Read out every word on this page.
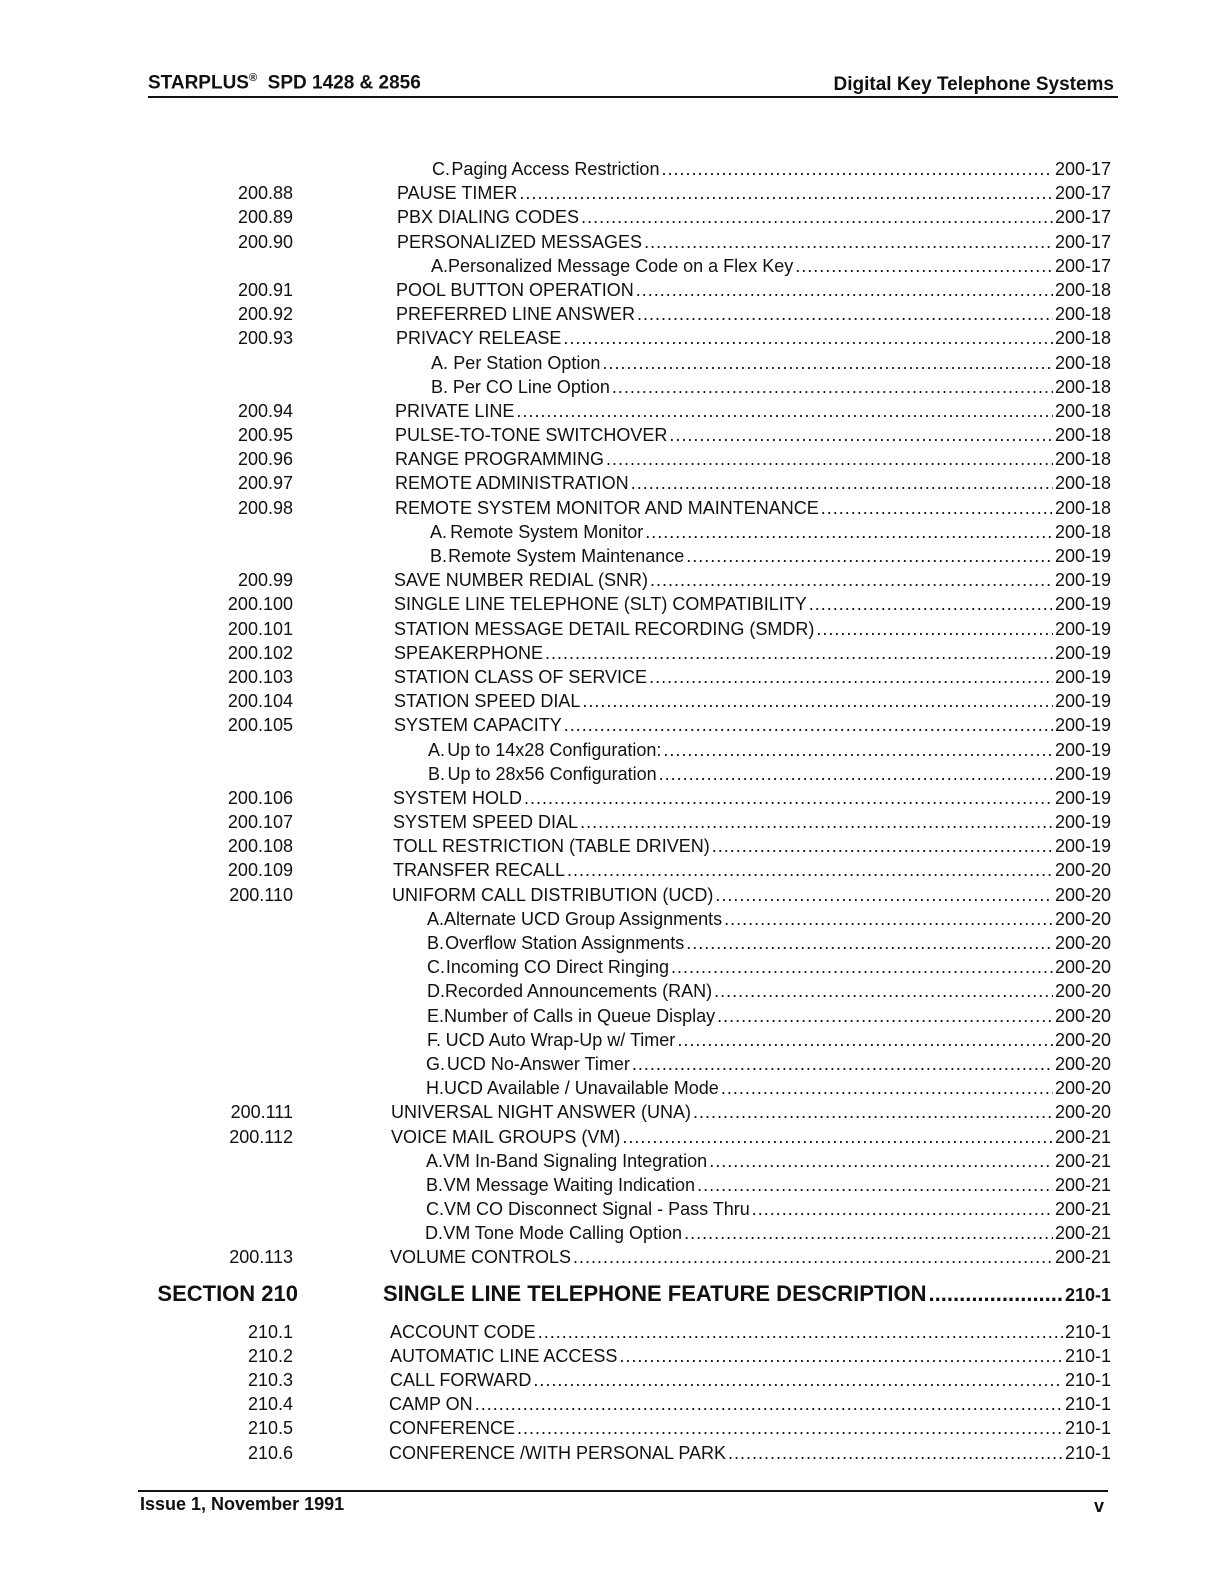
STARPLUS® SPD 1428 & 2856	Digital Key Telephone Systems
C. Paging Access Restriction .....	200-17
200.88	PAUSE TIMER .....	200-17
200.89	PBX DIALING CODES .....	200-17
200.90	PERSONALIZED MESSAGES .....	200-17
A. Personalized Message Code on a Flex Key .....	200-17
200.91	POOL BUTTON OPERATION .....	200-18
200.92	PREFERRED LINE ANSWER .....	200-18
200.93	PRIVACY RELEASE .....	200-18
A. Per Station Option .....	200-18
B. Per CO Line Option .....	200-18
200.94	PRIVATE LINE .....	200-18
200.95	PULSE-TO-TONE SWITCHOVER .....	200-18
200.96	RANGE PROGRAMMING .....	200-18
200.97	REMOTE ADMINISTRATION .....	200-18
200.98	REMOTE SYSTEM MONITOR AND MAINTENANCE .....	200-18
A. Remote System Monitor .....	200-18
B. Remote System Maintenance .....	200-19
200.99	SAVE NUMBER REDIAL (SNR) .....	200-19
200.100	SINGLE LINE TELEPHONE (SLT) COMPATIBILITY .....	200-19
200.101	STATION MESSAGE DETAIL RECORDING (SMDR) .....	200-19
200.102	SPEAKERPHONE .....	200-19
200.103	STATION CLASS OF SERVICE .....	200-19
200.104	STATION SPEED DIAL .....	200-19
200.105	SYSTEM CAPACITY .....	200-19
A. Up to 14x28 Configuration: .....	200-19
B. Up to 28x56 Configuration .....	200-19
200.106	SYSTEM HOLD .....	200-19
200.107	SYSTEM SPEED DIAL .....	200-19
200.108	TOLL RESTRICTION (TABLE DRIVEN) .....	200-19
200.109	TRANSFER RECALL .....	200-20
200.110	UNIFORM CALL DISTRIBUTION (UCD) .....	200-20
A. Alternate UCD Group Assignments .....	200-20
B. Overflow Station Assignments .....	200-20
C. Incoming CO Direct Ringing .....	200-20
D. Recorded Announcements (RAN) .....	200-20
E. Number of Calls in Queue Display .....	200-20
F. UCD Auto Wrap-Up w/ Timer .....	200-20
G. UCD No-Answer Timer .....	200-20
H. UCD Available / Unavailable Mode .....	200-20
200.111	UNIVERSAL NIGHT ANSWER (UNA) .....	200-20
200.112	VOICE MAIL GROUPS (VM) .....	200-21
A. VM In-Band Signaling Integration .....	200-21
B. VM Message Waiting Indication .....	200-21
C. VM CO Disconnect Signal - Pass Thru .....	200-21
D. VM Tone Mode Calling Option .....	200-21
200.113	VOLUME CONTROLS .....	200-21
SECTION 210	SINGLE LINE TELEPHONE FEATURE DESCRIPTION .....	210-1
210.1	ACCOUNT CODE .....	210-1
210.2	AUTOMATIC LINE ACCESS .....	210-1
210.3	CALL FORWARD .....	210-1
210.4	CAMP ON .....	210-1
210.5	CONFERENCE .....	210-1
210.6	CONFERENCE /WITH PERSONAL PARK .....	210-1
Issue 1, November 1991	v
